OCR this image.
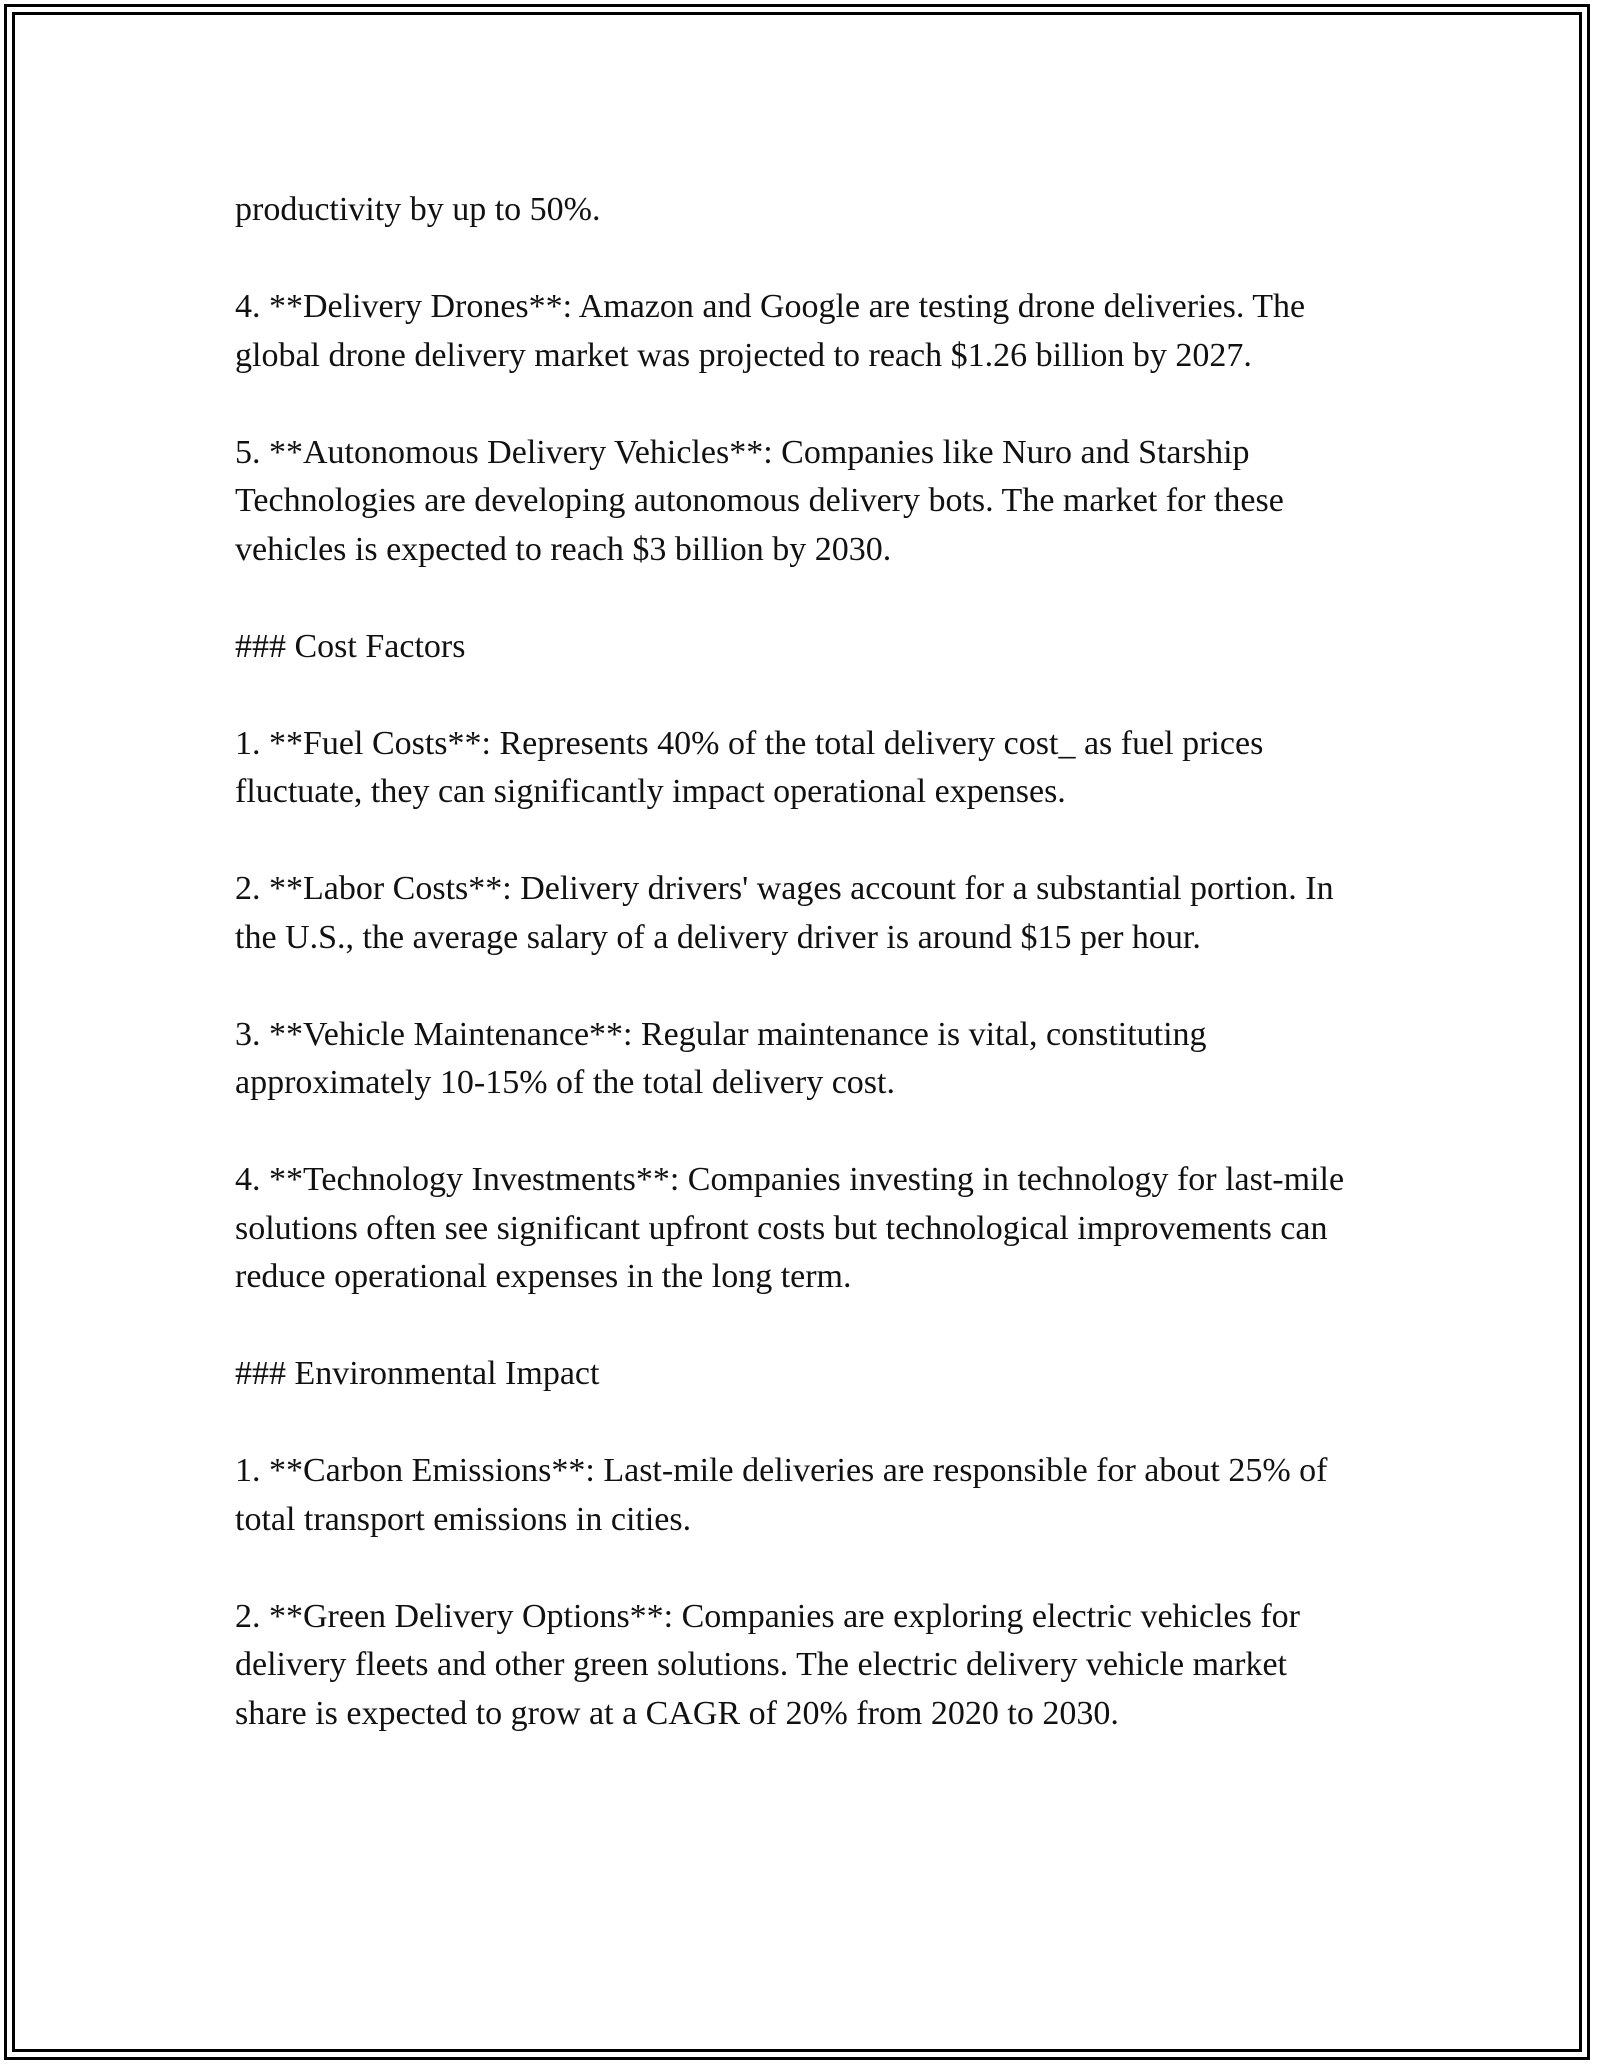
productivity by up to 50%.

4. **Delivery Drones**: Amazon and Google are testing drone deliveries. The global drone delivery market was projected to reach $1.26 billion by 2027.

5. **Autonomous Delivery Vehicles**: Companies like Nuro and Starship Technologies are developing autonomous delivery bots. The market for these vehicles is expected to reach $3 billion by 2030.

### Cost Factors

1. **Fuel Costs**: Represents 40% of the total delivery cost_ as fuel prices fluctuate, they can significantly impact operational expenses.

2. **Labor Costs**: Delivery drivers' wages account for a substantial portion. In the U.S., the average salary of a delivery driver is around $15 per hour.

3. **Vehicle Maintenance**: Regular maintenance is vital, constituting approximately 10-15% of the total delivery cost.

4. **Technology Investments**: Companies investing in technology for last-mile solutions often see significant upfront costs but technological improvements can reduce operational expenses in the long term.

### Environmental Impact

1. **Carbon Emissions**: Last-mile deliveries are responsible for about 25% of total transport emissions in cities.

2. **Green Delivery Options**: Companies are exploring electric vehicles for delivery fleets and other green solutions. The electric delivery vehicle market share is expected to grow at a CAGR of 20% from 2020 to 2030.
